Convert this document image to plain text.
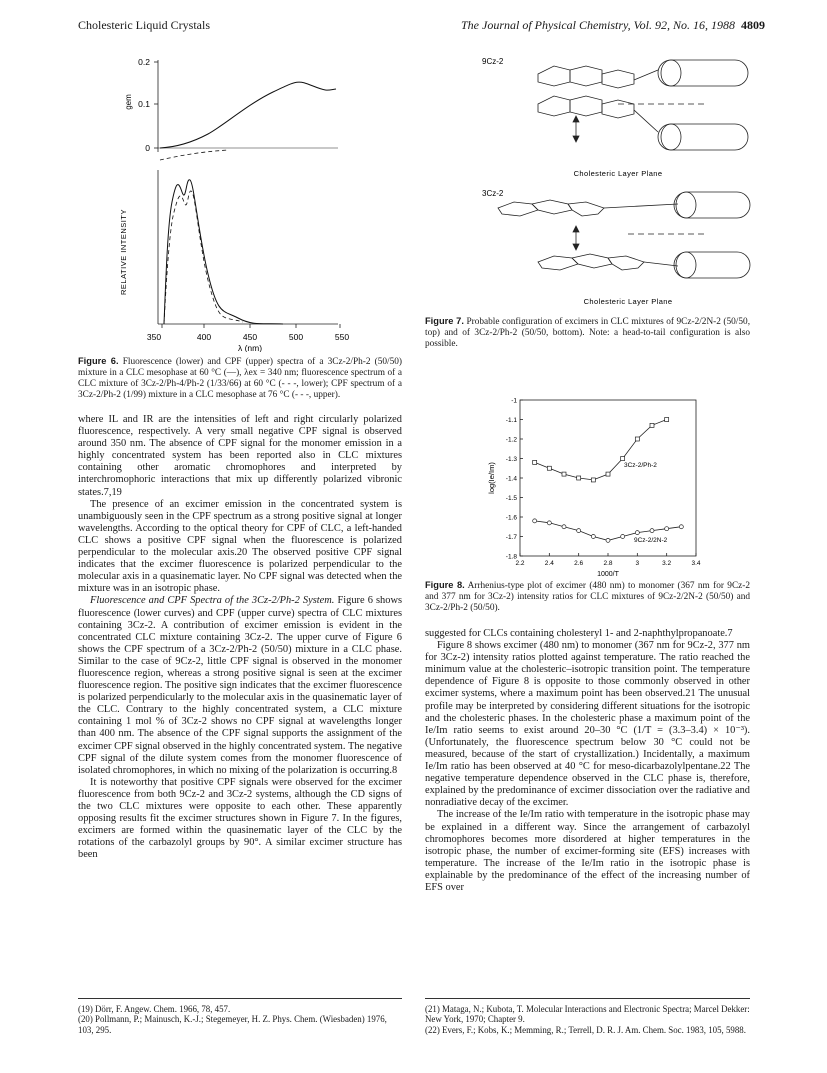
Cholesteric Liquid Crystals	The Journal of Physical Chemistry, Vol. 92, No. 16, 1988 4809
0.2
0.1
0
gem
RELATIVE INTENSITY
350	400	450	500	550
λ (nm)
Figure 6. Fluorescence (lower) and CPF (upper) spectra of a 3Cz-2/Ph-2 (50/50) mixture in a CLC mesophase at 60 °C (—), λex = 340 nm; fluorescence spectrum of a CLC mixture of 3Cz-2/Ph-4/Ph-2 (1/33/66) at 60 °C (- - -, lower); CPF spectrum of a 3Cz-2/Ph-2 (1/99) mixture in a CLC mesophase at 76 °C (- - -, upper).

where IL and IR are the intensities of left and right circularly polarized fluorescence, respectively. A very small negative CPF signal is observed around 350 nm. The absence of CPF signal for the monomer emission in a highly concentrated system has been reported also in CLC mixtures containing other aromatic chromophores and interpreted by interchromophoric interactions that mix up differently polarized vibronic states.7,19

The presence of an excimer emission in the concentrated system is unambiguously seen in the CPF spectrum as a strong positive signal at longer wavelengths. According to the optical theory for CPF of CLC, a left-handed CLC shows a positive CPF signal when the fluorescence is polarized perpendicular to the molecular axis.20 The observed positive CPF signal indicates that the excimer fluorescence is polarized perpendicular to the molecular axis in a quasinematic layer. No CPF signal was detected when the mixture was in an isotropic phase.

Fluorescence and CPF Spectra of the 3Cz-2/Ph-2 System. Figure 6 shows fluorescence (lower curves) and CPF (upper curve) spectra of CLC mixtures containing 3Cz-2. A contribution of excimer emission is evident in the concentrated CLC mixture containing 3Cz-2. The upper curve of Figure 6 shows the CPF spectrum of a 3Cz-2/Ph-2 (50/50) mixture in a CLC phase. Similar to the case of 9Cz-2, little CPF signal is observed in the monomer fluorescence region, whereas a strong positive signal is seen at the excimer fluorescence region. The positive sign indicates that the excimer fluorescence is polarized perpendicularly to the molecular axis in the quasinematic layer of the CLC. Contrary to the highly concentrated system, a CLC mixture containing 1 mol % of 3Cz-2 shows no CPF signal at wavelengths longer than 400 nm. The absence of the CPF signal supports the assignment of the excimer CPF signal observed in the highly concentrated system. The negative CPF signal of the dilute system comes from the monomer fluorescence of isolated chromophores, in which no mixing of the polarization is occurring.8

It is noteworthy that positive CPF signals were observed for the excimer fluorescence from both 9Cz-2 and 3Cz-2 systems, although the CD signs of the two CLC mixtures were opposite to each other. These apparently opposing results fit the excimer structures shown in Figure 7. In the figures, excimers are formed within the quasinematic layer of the CLC by the rotations of the carbazolyl groups by 90°. A similar excimer structure has been

9Cz-2
Cholesteric Layer Plane
3Cz-2
Cholesteric Layer Plane
Figure 7. Probable configuration of excimers in CLC mixtures of 9Cz-2/2N-2 (50/50, top) and of 3Cz-2/Ph-2 (50/50, bottom). Note: a head-to-tail configuration is also possible.
log(Ie/Im)
1000/T
-1
-1.1
-1.2
-1.3
-1.4
-1.5
-1.6
-1.7
-1.8
2.2	2.4	2.6	2.8	3	3.2	3.4
3Cz-2/Ph-2
9Cz-2/2N-2
Figure 8. Arrhenius-type plot of excimer (480 nm) to monomer (367 nm for 9Cz-2 and 377 nm for 3Cz-2) intensity ratios for CLC mixtures of 9Cz-2/2N-2 (50/50) and 3Cz-2/Ph-2 (50/50).

suggested for CLCs containing cholesteryl 1- and 2-naphthylpropanoate.7

Figure 8 shows excimer (480 nm) to monomer (367 nm for 9Cz-2, 377 nm for 3Cz-2) intensity ratios plotted against temperature. The ratio reached the minimum value at the cholesteric–isotropic transition point. The temperature dependence of Figure 8 is opposite to those commonly observed in other excimer systems, where a maximum point has been observed.21 The unusual profile may be interpreted by considering different situations for the isotropic and the cholesteric phases. In the cholesteric phase a maximum point of the Ie/Im ratio seems to exist around 20–30 °C (1/T = (3.3–3.4) × 10⁻³). (Unfortunately, the fluorescence spectrum below 30 °C could not be measured, because of the start of crystallization.) Incidentally, a maximum Ie/Im ratio has been observed at 40 °C for meso-dicarbazolylpentane.22 The negative temperature dependence observed in the CLC phase is, therefore, explained by the predominance of excimer dissociation over the radiative and nonradiative decay of the excimer.

The increase of the Ie/Im ratio with temperature in the isotropic phase may be explained in a different way. Since the arrangement of carbazolyl chromophores becomes more disordered at higher temperatures in the isotropic phase, the number of excimer-forming site (EFS) increases with temperature. The increase of the Ie/Im ratio in the isotropic phase is explainable by the predominance of the effect of the increasing number of EFS over

(19) Dörr, F. Angew. Chem. 1966, 78, 457.
(20) Pollmann, P.; Mainusch, K.-J.; Stegemeyer, H. Z. Phys. Chem. (Wiesbaden) 1976, 103, 295.
(21) Mataga, N.; Kubota, T. Molecular Interactions and Electronic Spectra; Marcel Dekker: New York, 1970; Chapter 9.
(22) Evers, F.; Kobs, K.; Memming, R.; Terrell, D. R. J. Am. Chem. Soc. 1983, 105, 5988.
